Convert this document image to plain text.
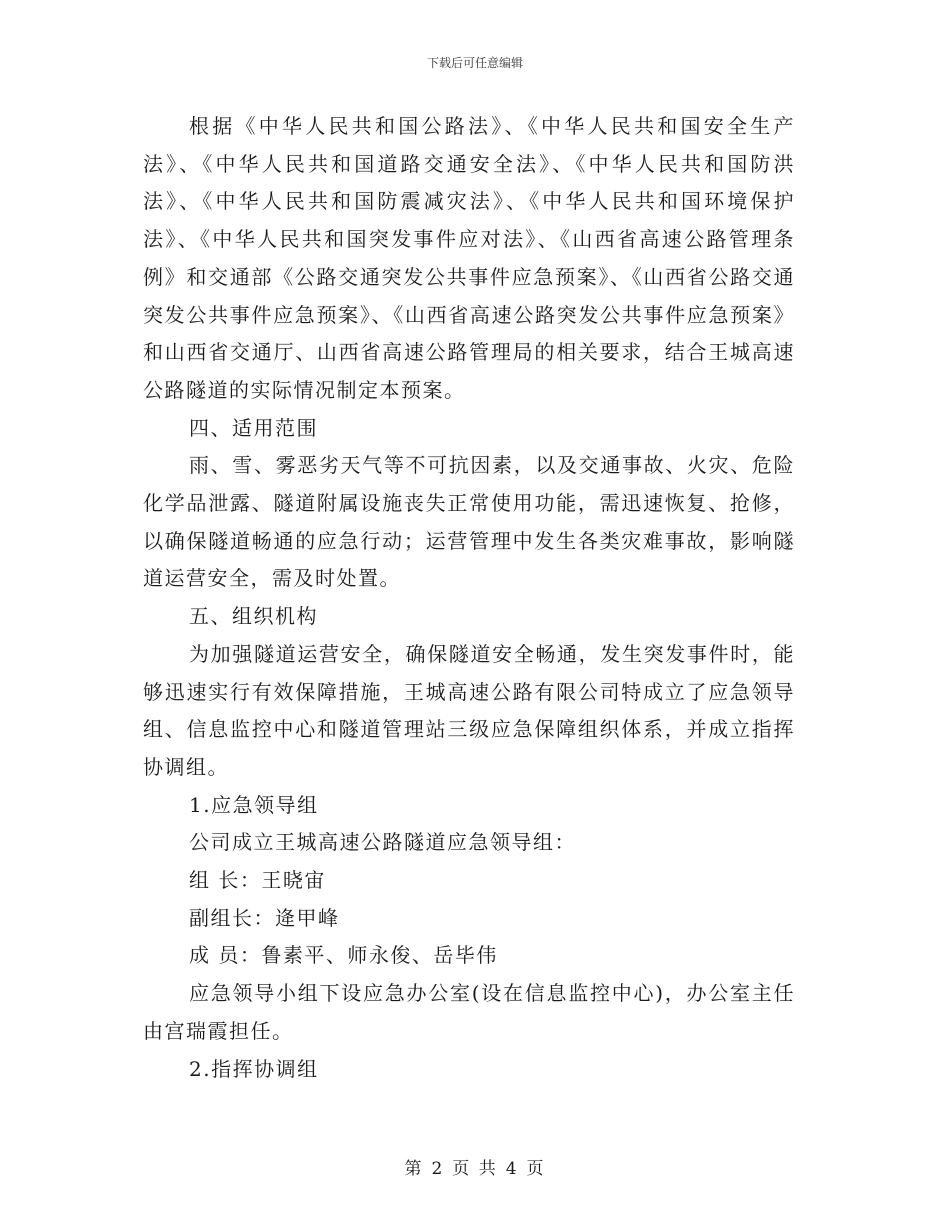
下载后可任意编辑

根据《中华人民共和国公路法》、《中华人民共和国安全生产法》、《中华人民共和国道路交通安全法》、《中华人民共和国防洪法》、《中华人民共和国防震减灾法》、《中华人民共和国环境保护法》、《中华人民共和国突发事件应对法》、《山西省高速公路管理条例》和交通部《公路交通突发公共事件应急预案》、《山西省公路交通突发公共事件应急预案》、《山西省高速公路突发公共事件应急预案》和山西省交通厅、山西省高速公路管理局的相关要求，结合王城高速公路隧道的实际情况制定本预案。

四、适用范围

雨、雪、雾恶劣天气等不可抗因素，以及交通事故、火灾、危险化学品泄露、隧道附属设施丧失正常使用功能，需迅速恢复、抢修，以确保隧道畅通的应急行动；运营管理中发生各类灾难事故，影响隧道运营安全，需及时处置。

五、组织机构

为加强隧道运营安全，确保隧道安全畅通，发生突发事件时，能够迅速实行有效保障措施，王城高速公路有限公司特成立了应急领导组、信息监控中心和隧道管理站三级应急保障组织体系，并成立指挥协调组。

1.应急领导组

公司成立王城高速公路隧道应急领导组：

组 长：王晓宙

副组长：逄甲峰

成 员：鲁素平、师永俊、岳毕伟

应急领导小组下设应急办公室(设在信息监控中心)，办公室主任由宫瑞霞担任。

2.指挥协调组

第 2 页 共 4 页
